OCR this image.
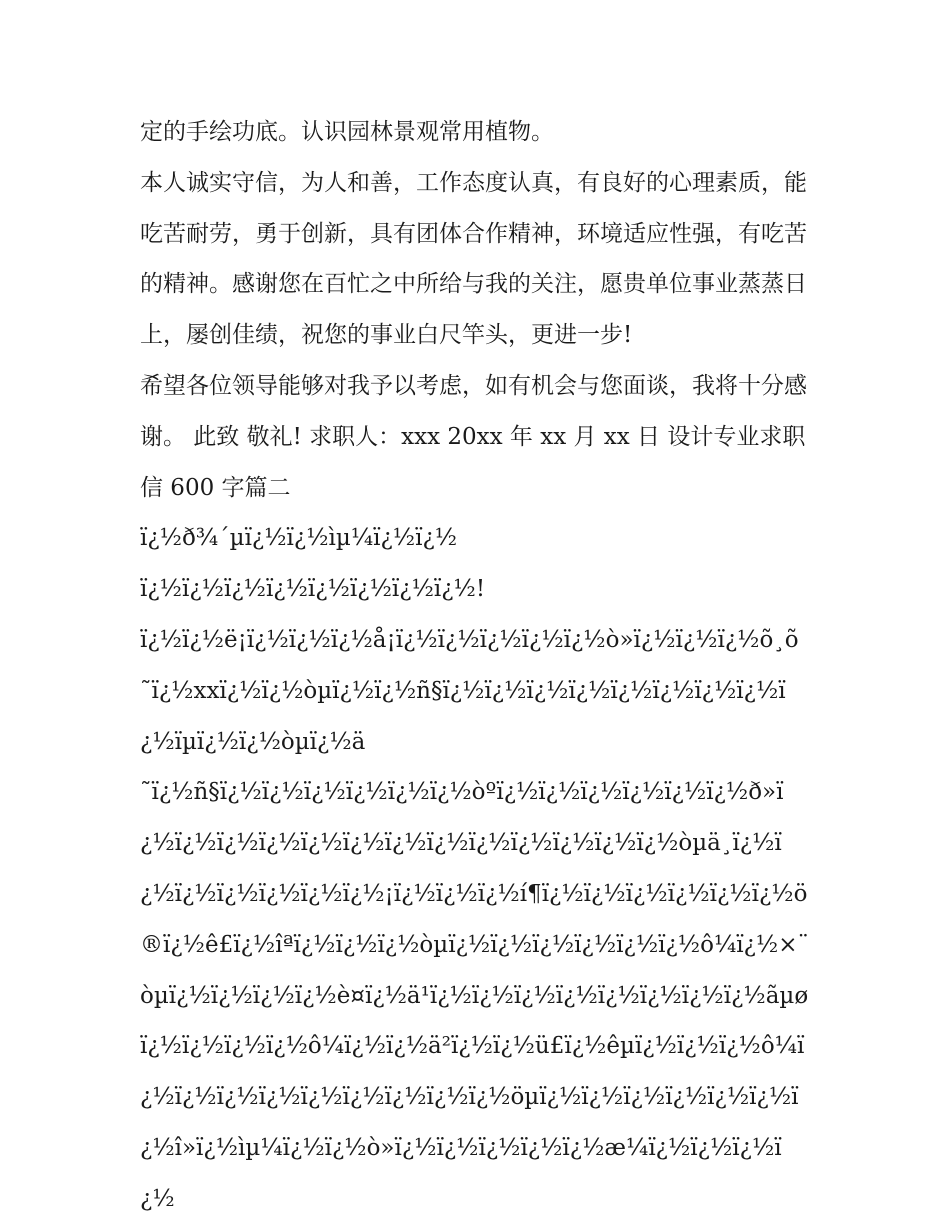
定的手绘功底。认识园林景观常用植物。

本人诚实守信，为人和善，工作态度认真，有良好的心理素质，能吃苦耐劳，勇于创新，具有团体合作精神，环境适应性强，有吃苦的精神。感谢您在百忙之中所给与我的关注，愿贵单位事业蒸蒸日上，屡创佳绩，祝您的事业白尺竿头，更进一步!

希望各位领导能够对我予以考虑，如有机会与您面谈，我将十分感谢。 此致 敬礼! 求职人：xxx 20xx 年 xx 月 xx 日 设计专业求职信 600 字篇二

ï¿½ð¾´µï¿½ï¿½ìµ¼ï¿½ï¿½

ï¿½ï¿½ï¿½ï¿½ï¿½ï¿½ï¿½ï¿½!

ï¿½ï¿½ë¡ï¿½ï¿½ï¿½å¡ï¿½ï¿½ï¿½ï¿½ï¿½ò»ï¿½ï¿½ï¿½õ¸õ

˜ï¿½xxï¿½ï¿½òµï¿½ï¿½ñ§ï¿½ï¿½ï¿½ï¿½ï¿½ï¿½ï¿½ï¿½ï¿½ïµï¿½ï¿½òµï¿½ä

˜ï¿½ñ§ï¿½ï¿½ï¿½ï¿½ï¿½ï¿½òºï¿½ï¿½ï¿½ï¿½ï¿½ï¿½ð»ï¿½ï¿½ï¿½ï¿½ï¿½ï¿½ï¿½ï¿½ï¿½ï¿½ï¿½ï¿½ï¿½òµä¸ï¿½ï¿½ï¿½ï¿½ï¿½ï¿½ï¿½¡ï¿½ï¿½ï¿½í¶ï¿½ï¿½ï¿½ï¿½ï¿½ï¿½ö®ï¿½ê£ï¿½îªï¿½ï¿½ï¿½òµï¿½ï¿½ï¿½ï¿½ï¿½ï¿½ô¼ï¿½×¨òµï¿½ï¿½ï¿½ï¿½è¤ï¿½ä¹ï¿½ï¿½ï¿½ï¿½ï¿½ï¿½ï¿½ï¿½ãµøï¿½ï¿½ï¿½ï¿½ô¼ï¿½ï¿½ä²ï¿½ï¿½ü£ï¿½êµï¿½ï¿½ï¿½ô¼ï¿½ï¿½ï¿½ï¿½ï¿½ï¿½ï¿½ï¿½ï¿½öµï¿½ï¿½ï¿½ï¿½ï¿½ï¿½ï¿½î»ï¿½ìµ¼ï¿½ï¿½ò»ï¿½ï¿½ï¿½ï¿½ï¿½æ¼ï¿½ï¿½ï¿½ï¿½
